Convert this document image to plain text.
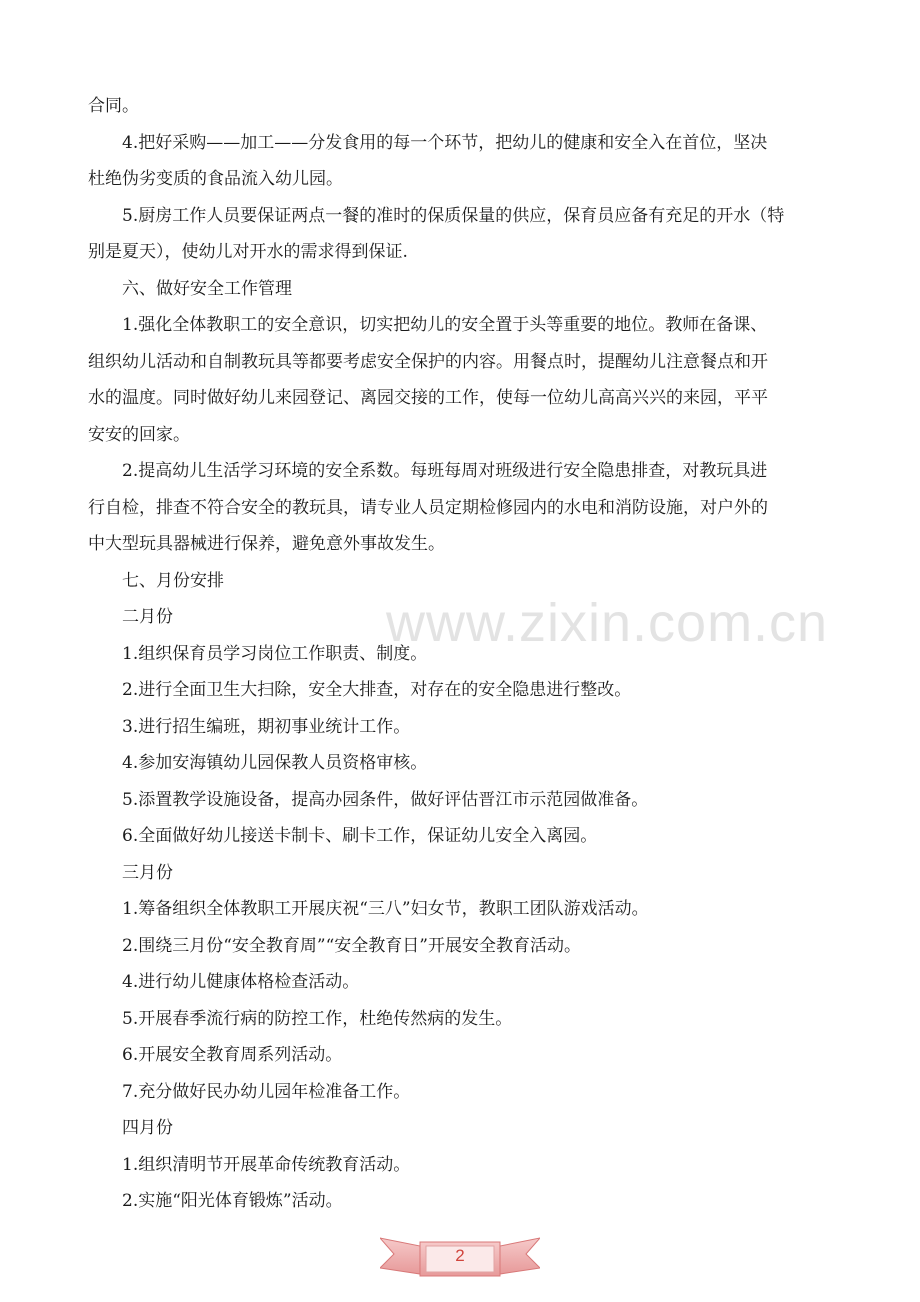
www.zixin.com.cn
合同。
4.把好采购——加工——分发食用的每一个环节，把幼儿的健康和安全入在首位，坚决
杜绝伪劣变质的食品流入幼儿园。
5.厨房工作人员要保证两点一餐的准时的保质保量的供应，保育员应备有充足的开水（特
别是夏天），使幼儿对开水的需求得到保证.
六、做好安全工作管理
1.强化全体教职工的安全意识，切实把幼儿的安全置于头等重要的地位。教师在备课、
组织幼儿活动和自制教玩具等都要考虑安全保护的内容。用餐点时，提醒幼儿注意餐点和开
水的温度。同时做好幼儿来园登记、离园交接的工作，使每一位幼儿高高兴兴的来园，平平
安安的回家。
2.提高幼儿生活学习环境的安全系数。每班每周对班级进行安全隐患排查，对教玩具进
行自检，排查不符合安全的教玩具，请专业人员定期检修园内的水电和消防设施，对户外的
中大型玩具器械进行保养，避免意外事故发生。
七、月份安排
二月份
1.组织保育员学习岗位工作职责、制度。
2.进行全面卫生大扫除，安全大排查，对存在的安全隐患进行整改。
3.进行招生编班，期初事业统计工作。
4.参加安海镇幼儿园保教人员资格审核。
5.添置教学设施设备，提高办园条件，做好评估晋江市示范园做准备。
6.全面做好幼儿接送卡制卡、刷卡工作，保证幼儿安全入离园。
三月份
1.筹备组织全体教职工开展庆祝“三八”妇女节，教职工团队游戏活动。
2.围绕三月份“安全教育周”“安全教育日”开展安全教育活动。
4.进行幼儿健康体格检查活动。
5.开展春季流行病的防控工作，杜绝传然病的发生。
6.开展安全教育周系列活动。
7.充分做好民办幼儿园年检准备工作。
四月份
1.组织清明节开展革命传统教育活动。
2.实施“阳光体育锻炼”活动。
2
